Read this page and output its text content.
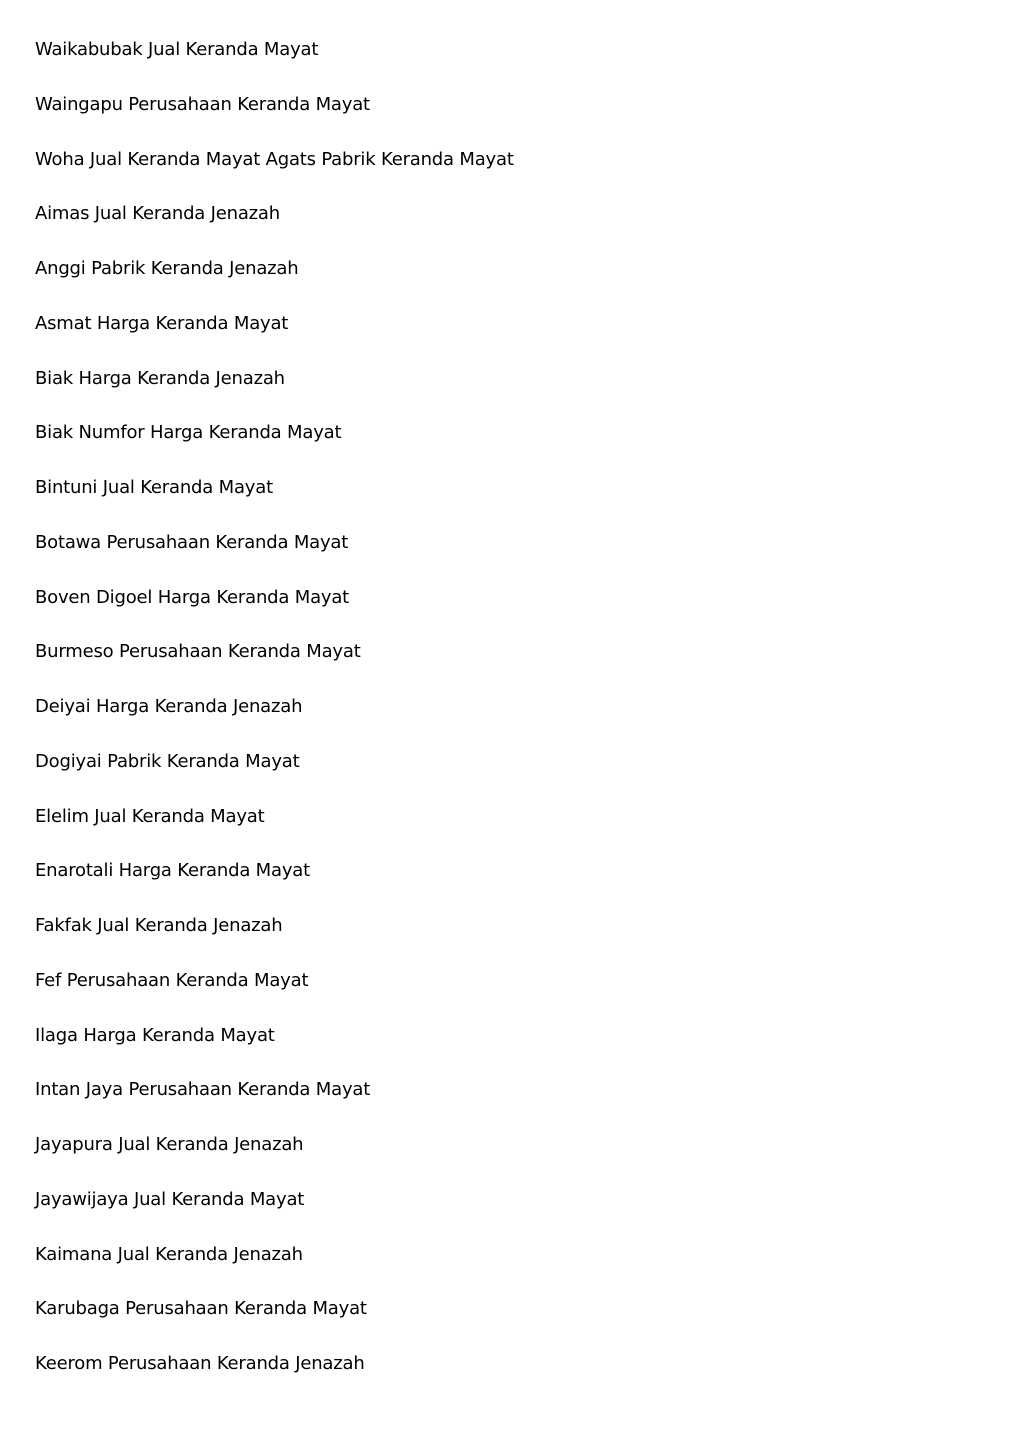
Waikabubak Jual Keranda Mayat
Waingapu Perusahaan Keranda Mayat
Woha Jual Keranda Mayat Agats Pabrik Keranda Mayat
Aimas Jual Keranda Jenazah
Anggi Pabrik Keranda Jenazah
Asmat Harga Keranda Mayat
Biak Harga Keranda Jenazah
Biak Numfor Harga Keranda Mayat
Bintuni Jual Keranda Mayat
Botawa Perusahaan Keranda Mayat
Boven Digoel Harga Keranda Mayat
Burmeso Perusahaan Keranda Mayat
Deiyai Harga Keranda Jenazah
Dogiyai Pabrik Keranda Mayat
Elelim Jual Keranda Mayat
Enarotali Harga Keranda Mayat
Fakfak Jual Keranda Jenazah
Fef Perusahaan Keranda Mayat
Ilaga Harga Keranda Mayat
Intan Jaya Perusahaan Keranda Mayat
Jayapura Jual Keranda Jenazah
Jayawijaya Jual Keranda Mayat
Kaimana Jual Keranda Jenazah
Karubaga Perusahaan Keranda Mayat
Keerom Perusahaan Keranda Jenazah
